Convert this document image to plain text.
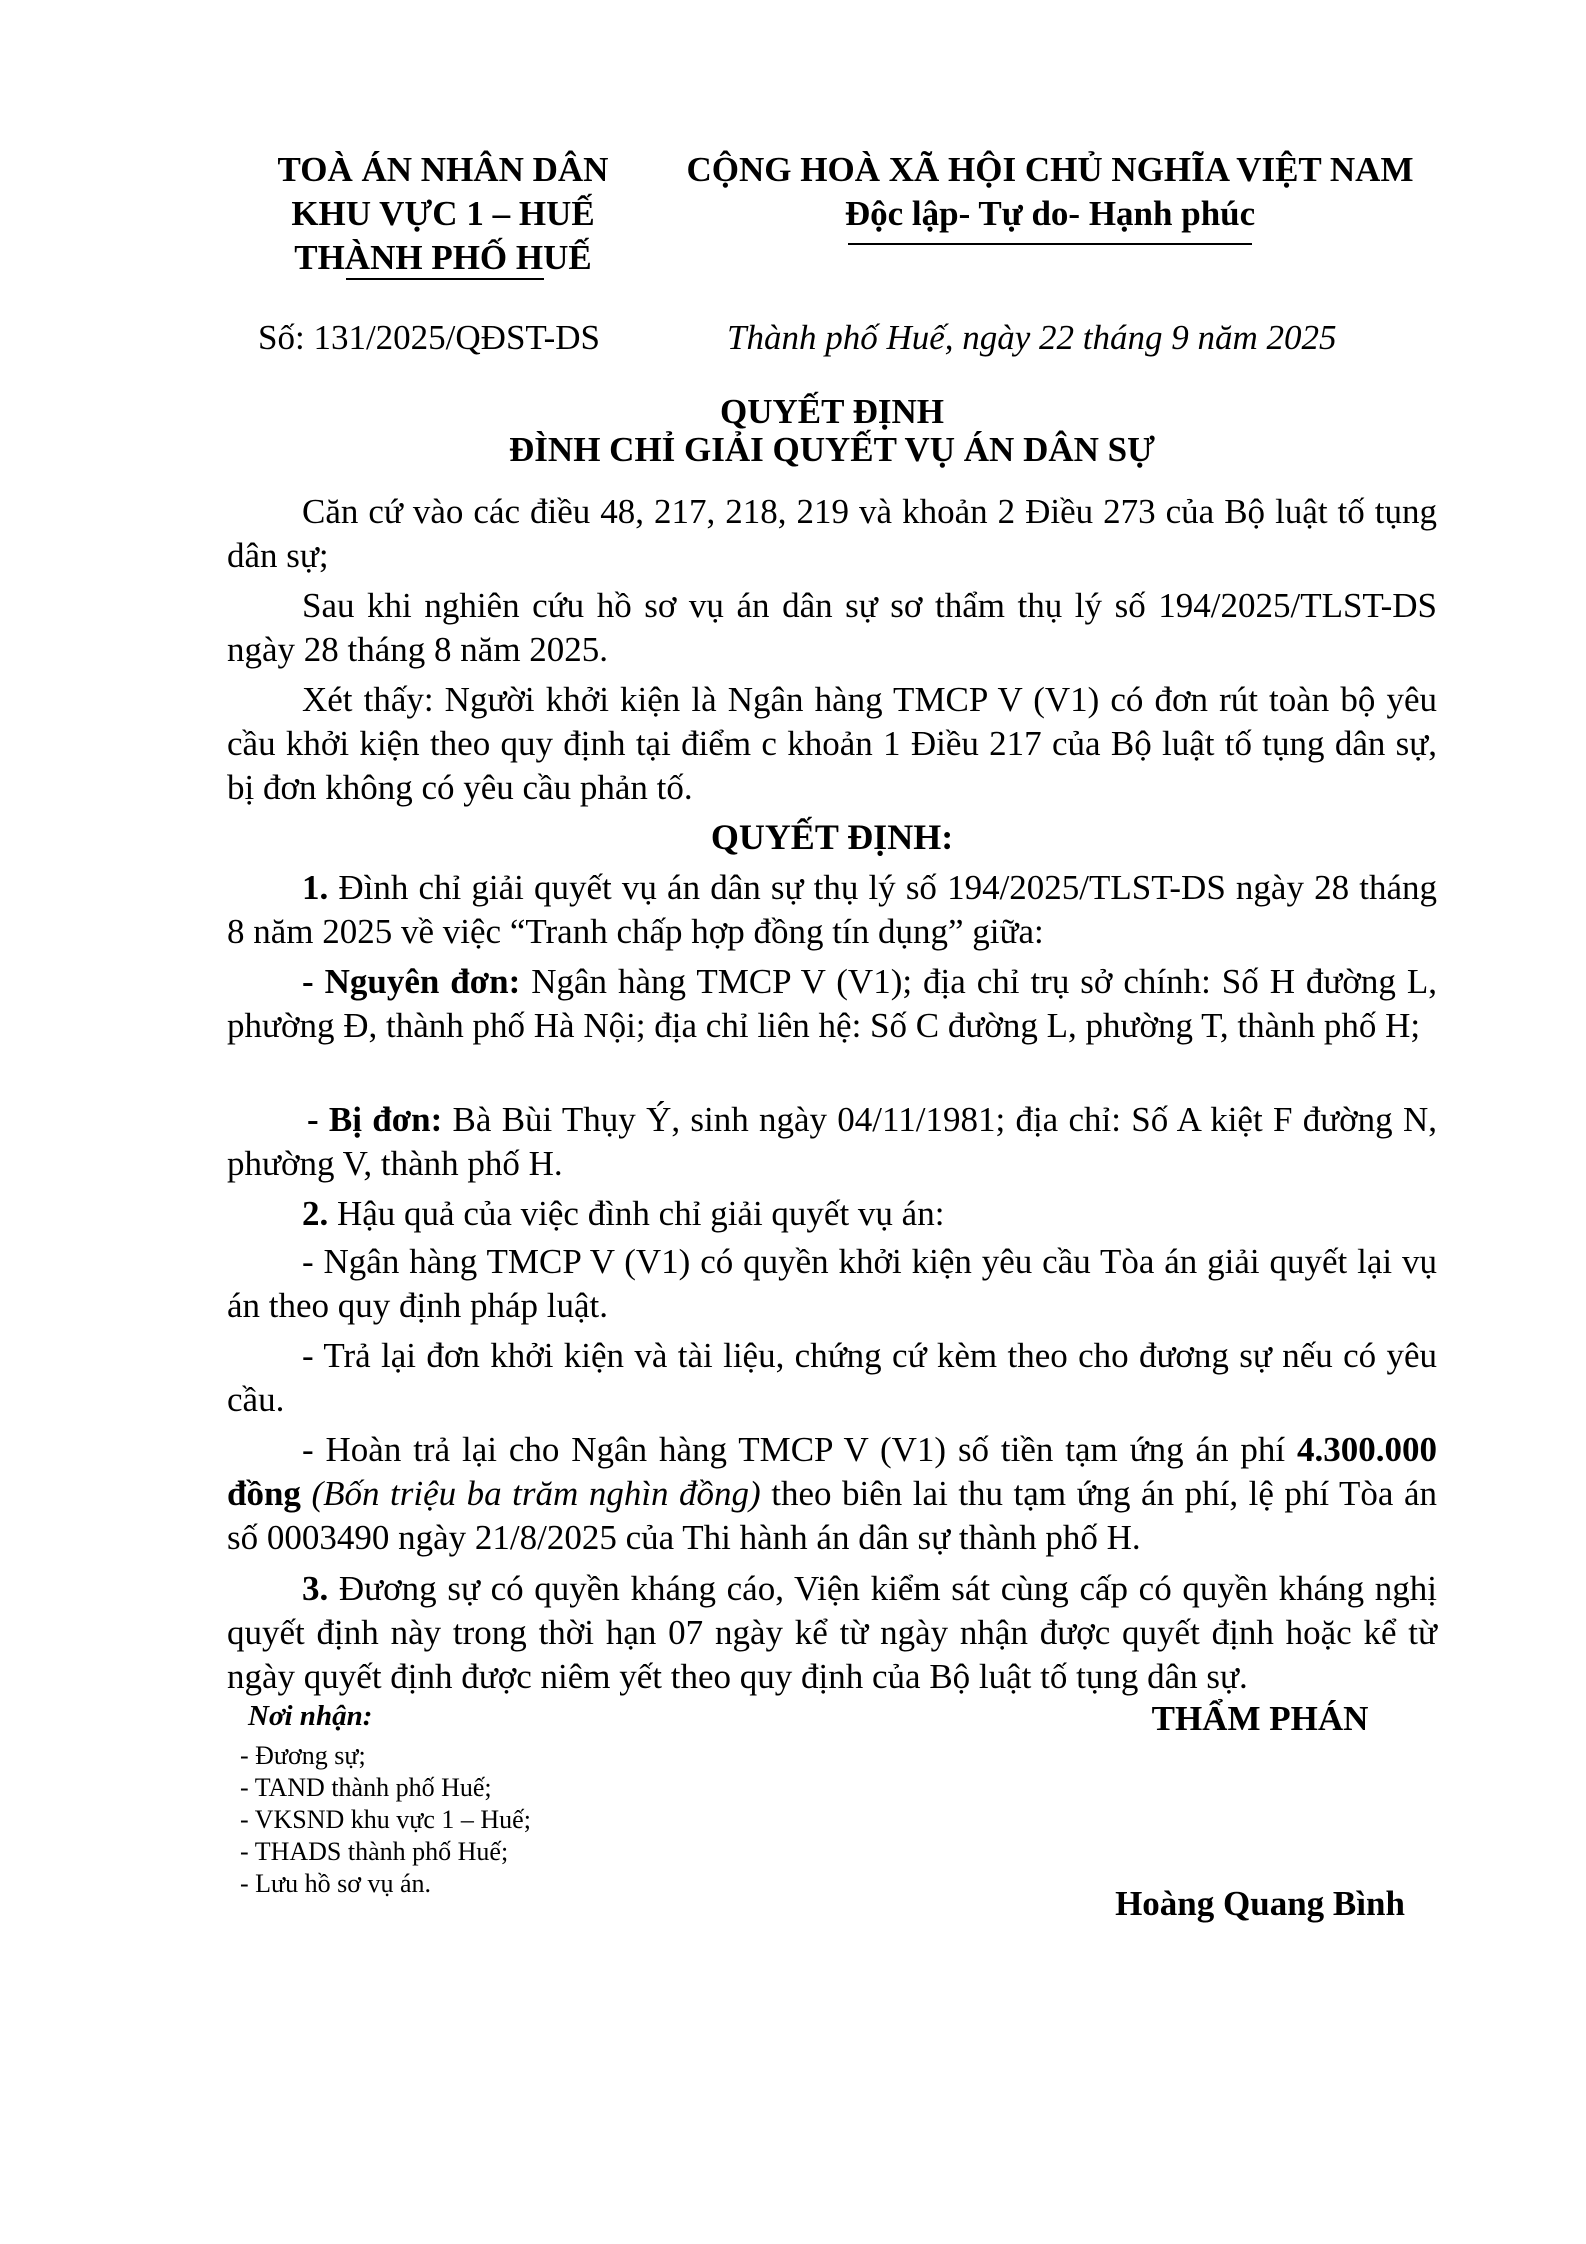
TOÀ ÁN NHÂN DÂN
KHU VỰC 1 – HUẾ
THÀNH PHỐ HUẾ
CỘNG HOÀ XÃ HỘI CHỦ NGHĨA VIỆT NAM
Độc lập- Tự do- Hạnh phúc
Số: 131/2025/QĐST-DS	Thành phố Huế, ngày 22 tháng 9 năm 2025
QUYẾT ĐỊNH
ĐÌNH CHỈ GIẢI QUYẾT VỤ ÁN DÂN SỰ
Căn cứ vào các điều 48, 217, 218, 219 và khoản 2 Điều 273 của Bộ luật tố tụng dân sự;
Sau khi nghiên cứu hồ sơ vụ án dân sự sơ thẩm thụ lý số 194/2025/TLST-DS ngày 28 tháng 8 năm 2025.
Xét thấy: Người khởi kiện là Ngân hàng TMCP V (V1) có đơn rút toàn bộ yêu cầu khởi kiện theo quy định tại điểm c khoản 1 Điều 217 của Bộ luật tố tụng dân sự, bị đơn không có yêu cầu phản tố.
QUYẾT ĐỊNH:
1. Đình chỉ giải quyết vụ án dân sự thụ lý số 194/2025/TLST-DS ngày 28 tháng 8 năm 2025 về việc “Tranh chấp hợp đồng tín dụng” giữa:
- Nguyên đơn: Ngân hàng TMCP V (V1); địa chỉ trụ sở chính: Số H đường L, phường Đ, thành phố Hà Nội; địa chỉ liên hệ: Số C đường L, phường T, thành phố H;
- Bị đơn: Bà Bùi Thụy Ý, sinh ngày 04/11/1981; địa chỉ: Số A kiệt F đường N, phường V, thành phố H.
2. Hậu quả của việc đình chỉ giải quyết vụ án:
- Ngân hàng TMCP V (V1) có quyền khởi kiện yêu cầu Tòa án giải quyết lại vụ án theo quy định pháp luật.
- Trả lại đơn khởi kiện và tài liệu, chứng cứ kèm theo cho đương sự nếu có yêu cầu.
- Hoàn trả lại cho Ngân hàng TMCP V (V1) số tiền tạm ứng án phí 4.300.000 đồng (Bốn triệu ba trăm nghìn đồng) theo biên lai thu tạm ứng án phí, lệ phí Tòa án số 0003490 ngày 21/8/2025 của Thi hành án dân sự thành phố H.
3. Đương sự có quyền kháng cáo, Viện kiểm sát cùng cấp có quyền kháng nghị quyết định này trong thời hạn 07 ngày kể từ ngày nhận được quyết định hoặc kể từ ngày quyết định được niêm yết theo quy định của Bộ luật tố tụng dân sự.
Nơi nhận:
- Đương sự;
- TAND thành phố Huế;
- VKSND khu vực 1 – Huế;
- THADS thành phố Huế;
- Lưu hồ sơ vụ án.
THẨM PHÁN
Hoàng Quang Bình
